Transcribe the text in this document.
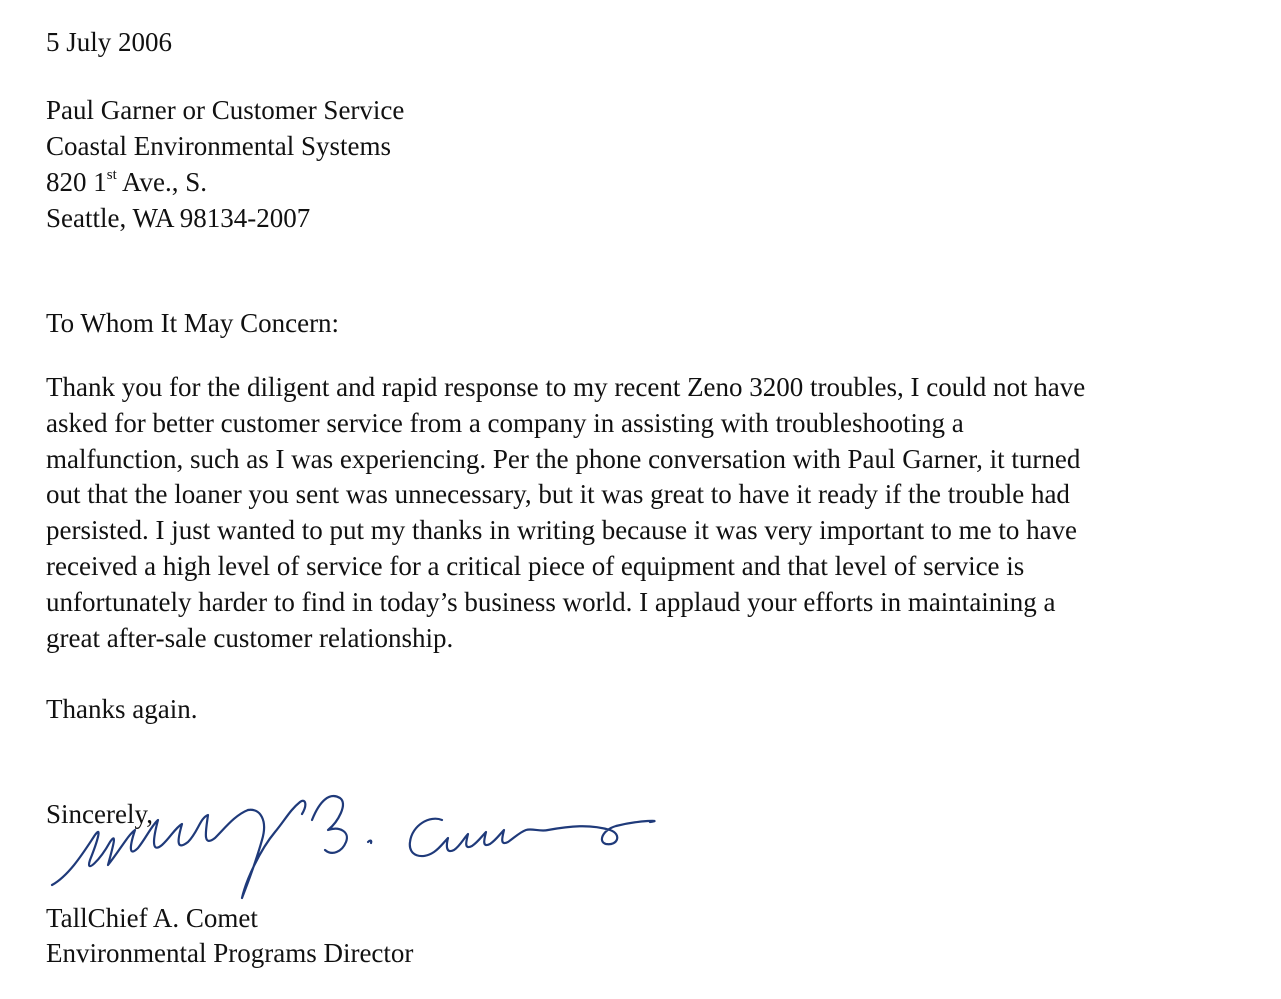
5 July 2006

Paul Garner or Customer Service
Coastal Environmental Systems
820 1st Ave., S.
Seattle, WA 98134-2007

To Whom It May Concern:

Thank you for the diligent and rapid response to my recent Zeno 3200 troubles, I could not have
asked for better customer service from a company in assisting with troubleshooting a
malfunction, such as I was experiencing. Per the phone conversation with Paul Garner, it turned
out that the loaner you sent was unnecessary, but it was great to have it ready if the trouble had
persisted. I just wanted to put my thanks in writing because it was very important to me to have
received a high level of service for a critical piece of equipment and that level of service is
unfortunately harder to find in today’s business world. I applaud your efforts in maintaining a
great after-sale customer relationship.

Thanks again.

Sincerely,

TallChief A. Comet

Environmental Programs Director
